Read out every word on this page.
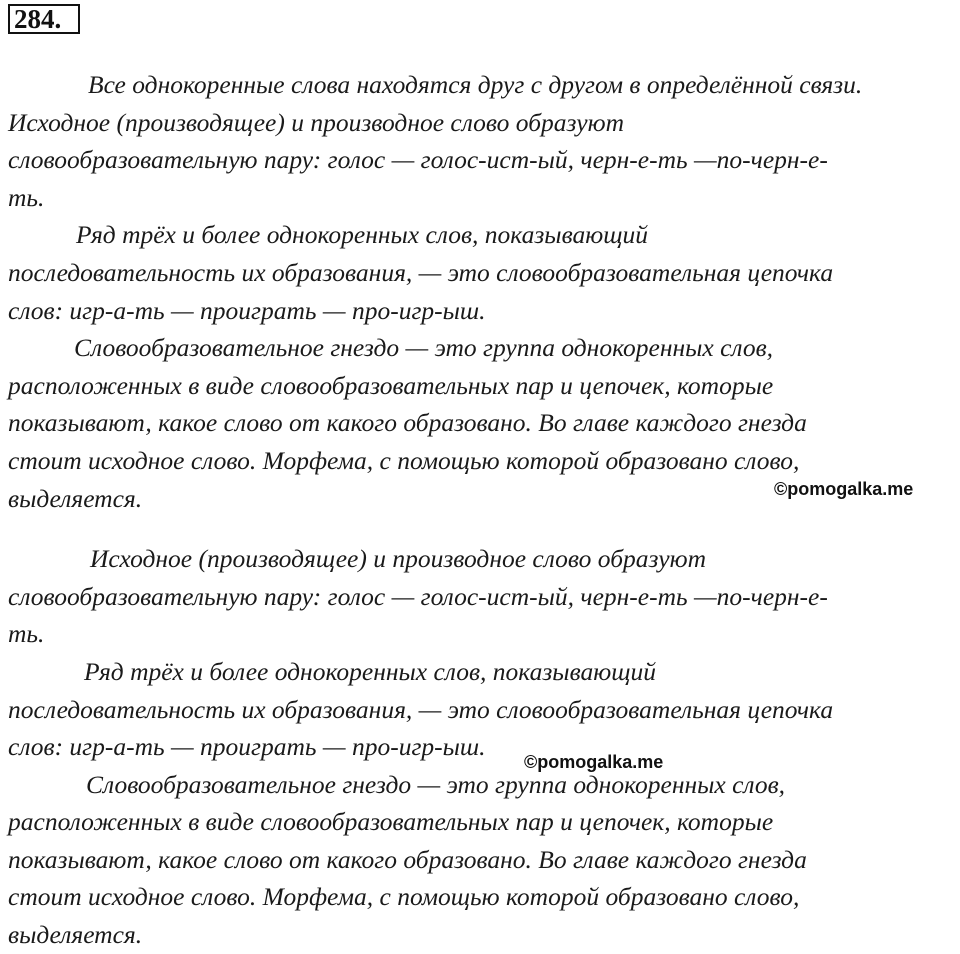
284.
Все однокоренные слова находятся друг с другом в определённой связи.
Исходное (производящее) и производное слово образуют
словообразовательную пару: голос — голос-ист-ый, черн-е-ть —по-черн-е-
ть.
Ряд трёх и более однокоренных слов, показывающий
последовательность их образования, — это словообразовательная цепочка
слов: игр-а-ть — проиграть — про-игр-ыш.
Словообразовательное гнездо — это группа однокоренных слов,
расположенных в виде словообразовательных пар и цепочек, которые
показывают, какое слово от какого образовано. Во главе каждого гнезда
стоит исходное слово. Морфема, с помощью которой образовано слово,
выделяется.
Исходное (производящее) и производное слово образуют
словообразовательную пару: голос — голос-ист-ый, черн-е-ть —по-черн-е-
ть.
Ряд трёх и более однокоренных слов, показывающий
последовательность их образования, — это словообразовательная цепочка
слов: игр-а-ть — проиграть — про-игр-ыш.
Словообразовательное гнездо — это группа однокоренных слов,
расположенных в виде словообразовательных пар и цепочек, которые
показывают, какое слово от какого образовано. Во главе каждого гнезда
стоит исходное слово. Морфема, с помощью которой образовано слово,
выделяется.
©pomogalka.me
©pomogalka.me
